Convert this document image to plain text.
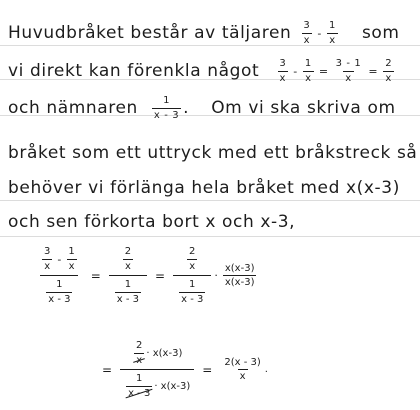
Huvudbråket består av täljaren $\frac{3}{x} - \frac{1}{x}$ som
vi direkt kan förenkla något $\frac{3}{x} - \frac{1}{x} = \frac{3 - 1}{x} = \frac{2}{x}$
och nämnaren $\frac{1}{x - 3}$ . Om vi ska skriva om
bråket som ett uttryck med ett bråkstreck så
behöver vi förlänga hela bråket med x(x-3)
och sen förkorta bort x och x-3,
$\frac{3}{x} - \frac{1}{x}$
$\frac{1}{x - 3}$
= $\frac{\frac{2}{x}}{\frac{1}{x - 3}} = \frac{\frac{2}{x}}{\frac{1}{x - 3}} \cdot \frac{x(x-3)}{x(x-3)}$
= $\frac{\frac{2}{x} \cdot x(x-3)}{\frac{1}{x - 3} \cdot x(x-3)} = \frac{2(x - 3)}{x}$ .
